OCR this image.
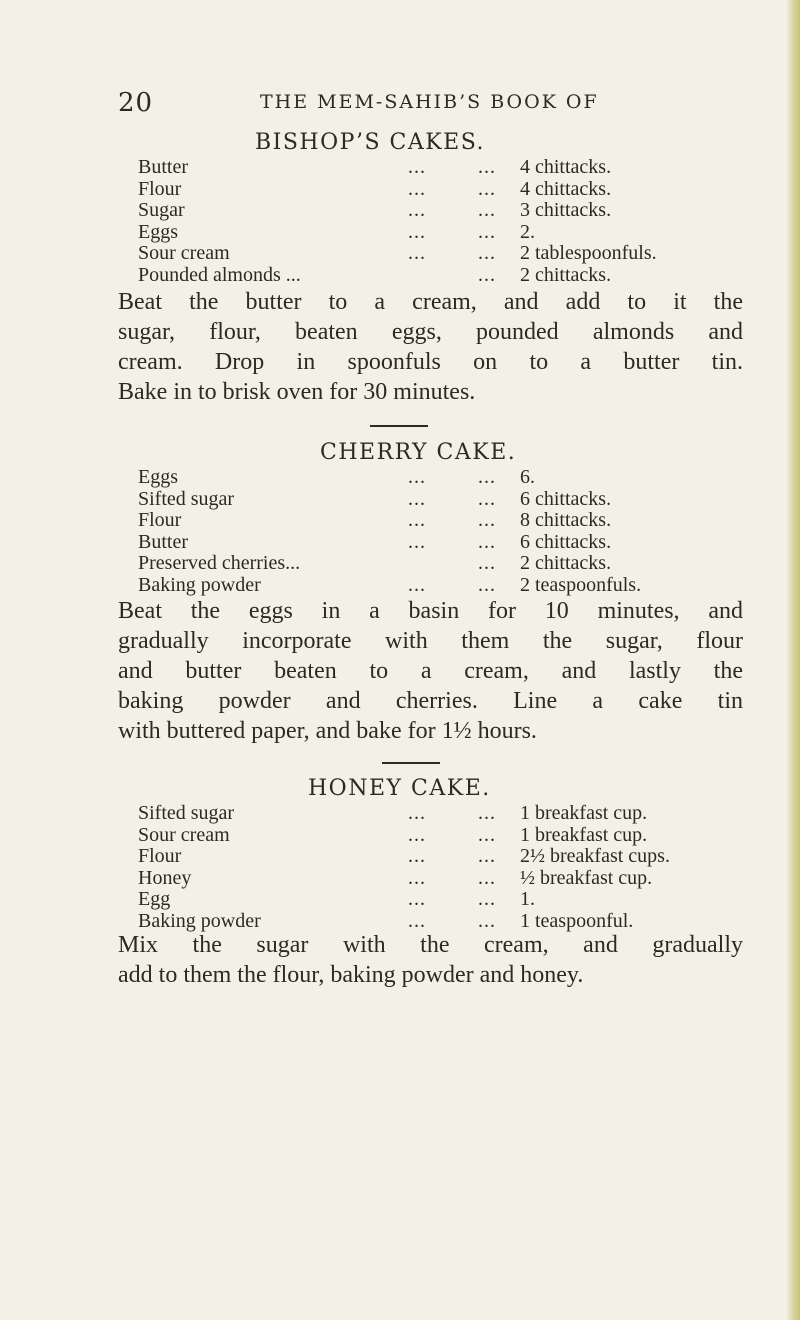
20	THE MEM-SAHIB’S BOOK OF
BISHOP’S CAKES.
Butter	...	... 4 chittacks.
Flour	...	... 4 chittacks.
Sugar	...	... 3 chittacks.
Eggs	...	... 2.
Sour cream	...	... 2 tablespoonfuls.
Pounded almonds ...	... 2 chittacks.
Beat the butter to a cream, and add to it the
sugar, flour, beaten eggs, pounded almonds and
cream. Drop in spoonfuls on to a butter tin.
Bake in to brisk oven for 30 minutes.
CHERRY CAKE.
Eggs	...	... 6.
Sifted sugar	...	... 6 chittacks.
Flour	...	... 8 chittacks.
Butter	...	... 6 chittacks.
Preserved cherries...	... 2 chittacks.
Baking powder	...	... 2 teaspoonfuls.
Beat the eggs in a basin for 10 minutes, and
gradually incorporate with them the sugar, flour
and butter beaten to a cream, and lastly the
baking powder and cherries. Line a cake tin
with buttered paper, and bake for 1½ hours.
HONEY CAKE.
Sifted sugar	...	... 1 breakfast cup.
Sour cream	...	... 1 breakfast cup.
Flour	...	... 2½ breakfast cups.
Honey	...	... ½ breakfast cup.
Egg	...	... 1.
Baking powder	...	... 1 teaspoonful.
Mix the sugar with the cream, and gradually
add to them the flour, baking powder and honey.
